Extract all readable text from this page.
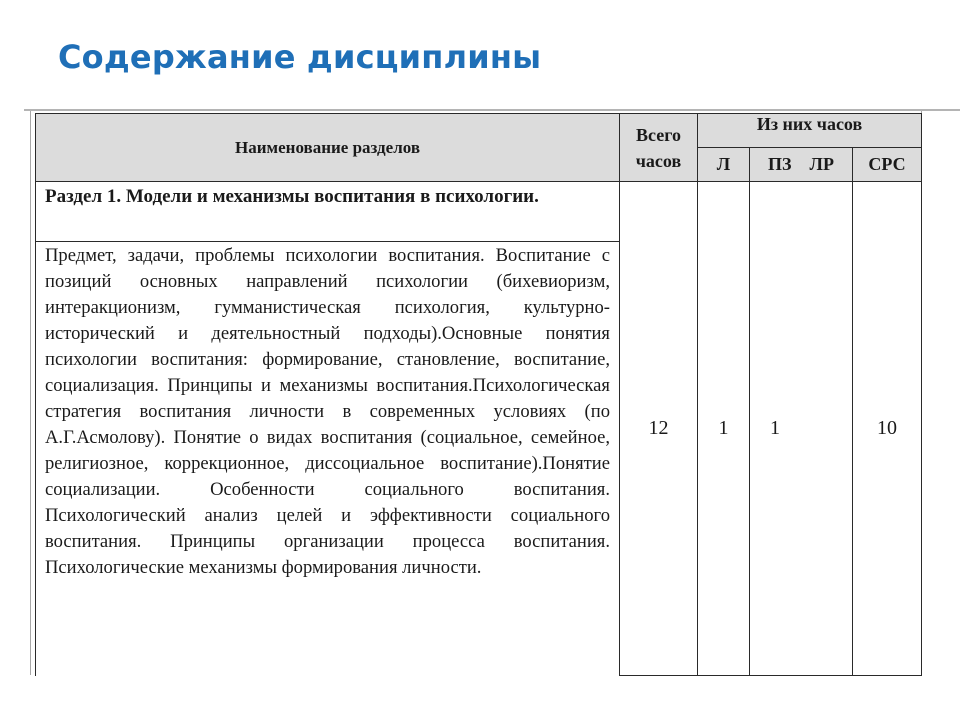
Содержание дисциплины
Наименование разделов	Всего часов	Из них часов		
		Л	ПЗ ЛР	СРС
Раздел 1. Модели и механизмы воспитания в психологии.	12	1	1	10
Предмет, задачи, проблемы психологии воспитания. Воспитание с позиций основных направлений психологии (бихевиоризм, интеракционизм, гумманистическая психология, культурно-исторический и деятельностный подходы).Основные понятия психологии воспитания: формирование, становление, воспитание, социализация. Принципы и механизмы воспитания.Психологическая стратегия воспитания личности в современных условиях (по А.Г.Асмолову). Понятие о видах воспитания (социальное, семейное, религиозное, коррекционное, диссоциальное воспитание).Понятие социализации. Особенности социального воспитания. Психологический анализ целей и эффективности социального воспитания. Принципы организации процесса воспитания. Психологические механизмы формирования личности.				
